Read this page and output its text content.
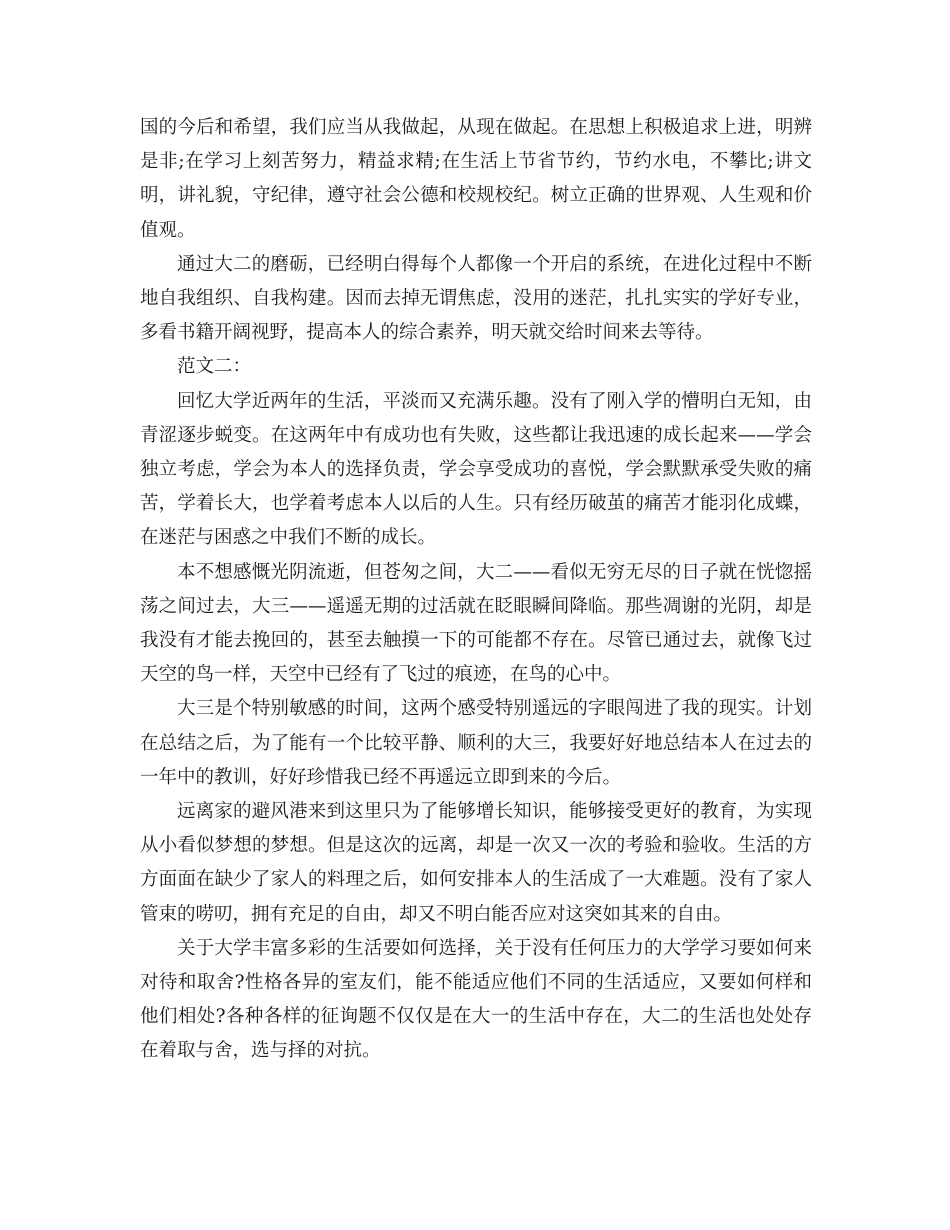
国的今后和希望，我们应当从我做起，从现在做起。在思想上积极追求上进，明辨是非;在学习上刻苦努力，精益求精;在生活上节省节约，节约水电，不攀比;讲文明，讲礼貌，守纪律，遵守社会公德和校规校纪。树立正确的世界观、人生观和价值观。

通过大二的磨砺，已经明白得每个人都像一个开启的系统，在进化过程中不断地自我组织、自我构建。因而去掉无谓焦虑，没用的迷茫，扎扎实实的学好专业，多看书籍开阔视野，提高本人的综合素养，明天就交给时间来去等待。

范文二：

回忆大学近两年的生活，平淡而又充满乐趣。没有了刚入学的懵明白无知，由青涩逐步蜕变。在这两年中有成功也有失败，这些都让我迅速的成长起来——学会独立考虑，学会为本人的选择负责，学会享受成功的喜悦，学会默默承受失败的痛苦，学着长大，也学着考虑本人以后的人生。只有经历破茧的痛苦才能羽化成蝶，在迷茫与困惑之中我们不断的成长。

本不想感慨光阴流逝，但苍匆之间，大二——看似无穷无尽的日子就在恍惚摇荡之间过去，大三——遥遥无期的过活就在眨眼瞬间降临。那些凋谢的光阴，却是我没有才能去挽回的，甚至去触摸一下的可能都不存在。尽管已通过去，就像飞过天空的鸟一样，天空中已经有了飞过的痕迹，在鸟的心中。

大三是个特别敏感的时间，这两个感受特别遥远的字眼闯进了我的现实。计划在总结之后，为了能有一个比较平静、顺利的大三，我要好好地总结本人在过去的一年中的教训，好好珍惜我已经不再遥远立即到来的今后。

远离家的避风港来到这里只为了能够增长知识，能够接受更好的教育，为实现从小看似梦想的梦想。但是这次的远离，却是一次又一次的考验和验收。生活的方方面面在缺少了家人的料理之后，如何安排本人的生活成了一大难题。没有了家人管束的唠叨，拥有充足的自由，却又不明白能否应对这突如其来的自由。

关于大学丰富多彩的生活要如何选择，关于没有任何压力的大学学习要如何来对待和取舍?性格各异的室友们，能不能适应他们不同的生活适应，又要如何样和他们相处?各种各样的征询题不仅仅是在大一的生活中存在，大二的生活也处处存在着取与舍，选与择的对抗。
